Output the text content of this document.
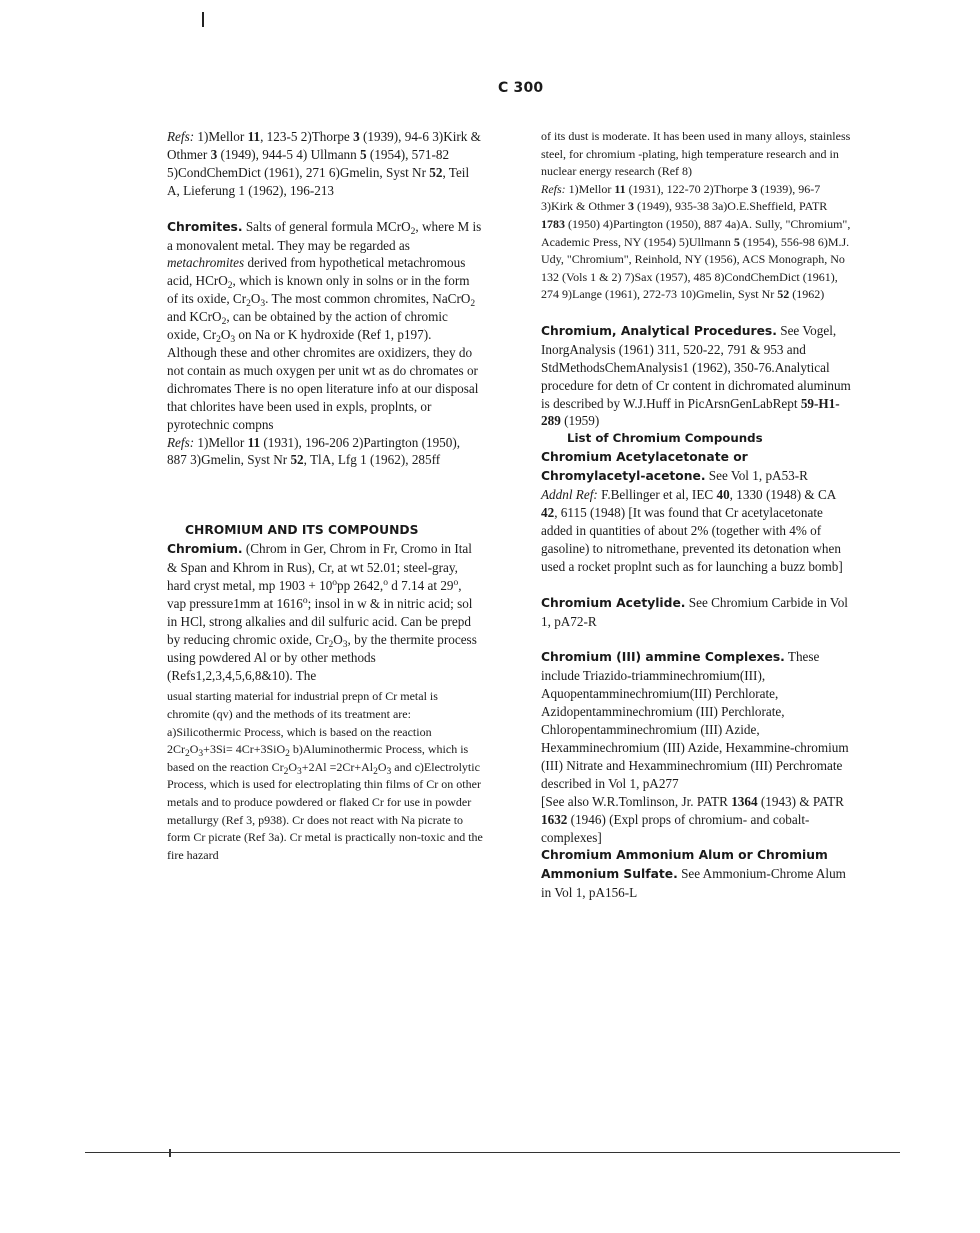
C 300

Refs: 1)Mellor 11, 123-5 2)Thorpe 3 (1939), 94-6 3)Kirk & Othmer 3 (1949), 944-5 4) Ullmann 5 (1954), 571-82 5)CondChemDict (1961), 271 6)Gmelin, Syst Nr 52, Teil A, Lieferung 1 (1962), 196-213

Chromites. Salts of general formula MCrO$_2$, where M is a monovalent metal. They may be regarded as metachromites derived from hypothetical metachromous acid, HCrO$_2$, which is known only in solns or in the form of its oxide, $Cr_2O_3$. The most common chromites, NaCrO$_2$ and KCrO$_2$, can be obtained by the action of chromic oxide, $Cr_2O_3$ on Na or K hydroxide (Ref 1, p197). Although these and other chromites are oxidizers, they do not contain as much oxygen per unit wt as do chromates or dichromates There is no open literature info at our disposal that chlorites have been used in expls, proplnts, or pyrotechnic compns

Refs: 1)Mellor 11 (1931), 196-206 2)Partington (1950), 887 3)Gmelin, Syst Nr 52, TlA, Lfg 1 (1962), 285ff

CHROMIUM AND ITS COMPOUNDS

Chromium. (Chrom in Ger, Chrom in Fr, Cromo in Ital & Span and Khrom in Rus), Cr, at wt 52.01; steel-gray, hard cryst metal, mp $1903 + 10^opp$ 2642,$^o$ d 7.14 at 29$^o$, vap pressure1mm at 1616$^o$; insol in w & in nitric acid; sol in HCl, strong alkalies and dil sulfuric acid. Can be prepd by reducing chromic oxide, $Cr_2O_3$, by the thermite process using powdered Al or by other methods (Refs1,2,3,4,5,6,8&10). The

usual starting material for industrial prepn of Cr metal is chromite (qv) and the methods of its treatment are: a)Silicothermic Process, which is based on the reaction $2Cr_2O_3+3Si= 4Cr+3SiO_2$ b)Aluminothermic Process, which is based on the reaction $Cr_2O_3+2Al =2Cr+Al_2O_3$ and c)Electrolytic Process, which is used for electroplating thin films of Cr on other metals and to produce powdered or flaked Cr for use in powder metallurgy (Ref 3, p938). Cr does not react with Na picrate to form Cr picrate (Ref 3a). Cr metal is practically non-toxic and the fire hazard

of its dust is moderate. It has been used in many alloys, stainless steel, for chromium -plating, high temperature research and in nuclear energy research (Ref 8)

Refs: 1)Mellor 11 (1931), 122-70 2)Thorpe 3 (1939), 96-7 3)Kirk & Othmer 3 (1949), 935-38 3a)O.E.Sheffield, PATR 1783 (1950) 4)Partington (1950), 887 4a)A. Sully, "Chromium", Academic Press, NY (1954) 5)Ullmann 5 (1954), 556-98 6)M.J. Udy, "Chromium", Reinhold, NY (1956), ACS Monograph, No 132 (Vols 1 & 2) 7)Sax (1957), 485 8)CondChemDict (1961), 274 9)Lange (1961), 272-73 10)Gmelin, Syst Nr 52 (1962)

Chromium, Analytical Procedures. See Vogel, InorgAnalysis (1961) 311, 520-22, 791 & 953 and StdMethodsChemAnalysis1 (1962), 350-76.Analytical procedure for detn of Cr content in dichromated aluminum is described by W.J.Huff in PicArsnGenLabRept 59-H1-289 (1959)

List of Chromium Compounds

Chromium Acetylacetonate or Chromylacetyl-acetone. See Vol 1, pA53-R
Addnl Ref: F.Bellinger et al, IEC 40, 1330 (1948) & CA 42, 6115 (1948) [It was found that Cr acetylacetonate added in quantities of about 2% (together with 4% of gasoline) to nitromethane, prevented its detonation when used a rocket proplnt such as for launching a buzz bomb]

Chromium Acetylide. See Chromium Carbide in Vol 1, pA72-R

Chromium (III) ammine Complexes. These include Triazido-triamminechromium(III), Aquopentamminechromium(III) Perchlorate, Azidopentamminechromium (III) Perchlorate, Chloropentamminechromium (III) Azide, Hexamminechromium (III) Azide, Hexammine-chromium (III) Nitrate and Hexamminechromium (III) Perchromate described in Vol 1, pA277
[See also W.R.Tomlinson, Jr. PATR 1364 (1943) & PATR 1632 (1946) (Expl props of chromium- and cobalt-complexes]

Chromium Ammonium Alum or Chromium Ammonium Sulfate. See Ammonium-Chrome Alum in Vol 1, pA156-L
